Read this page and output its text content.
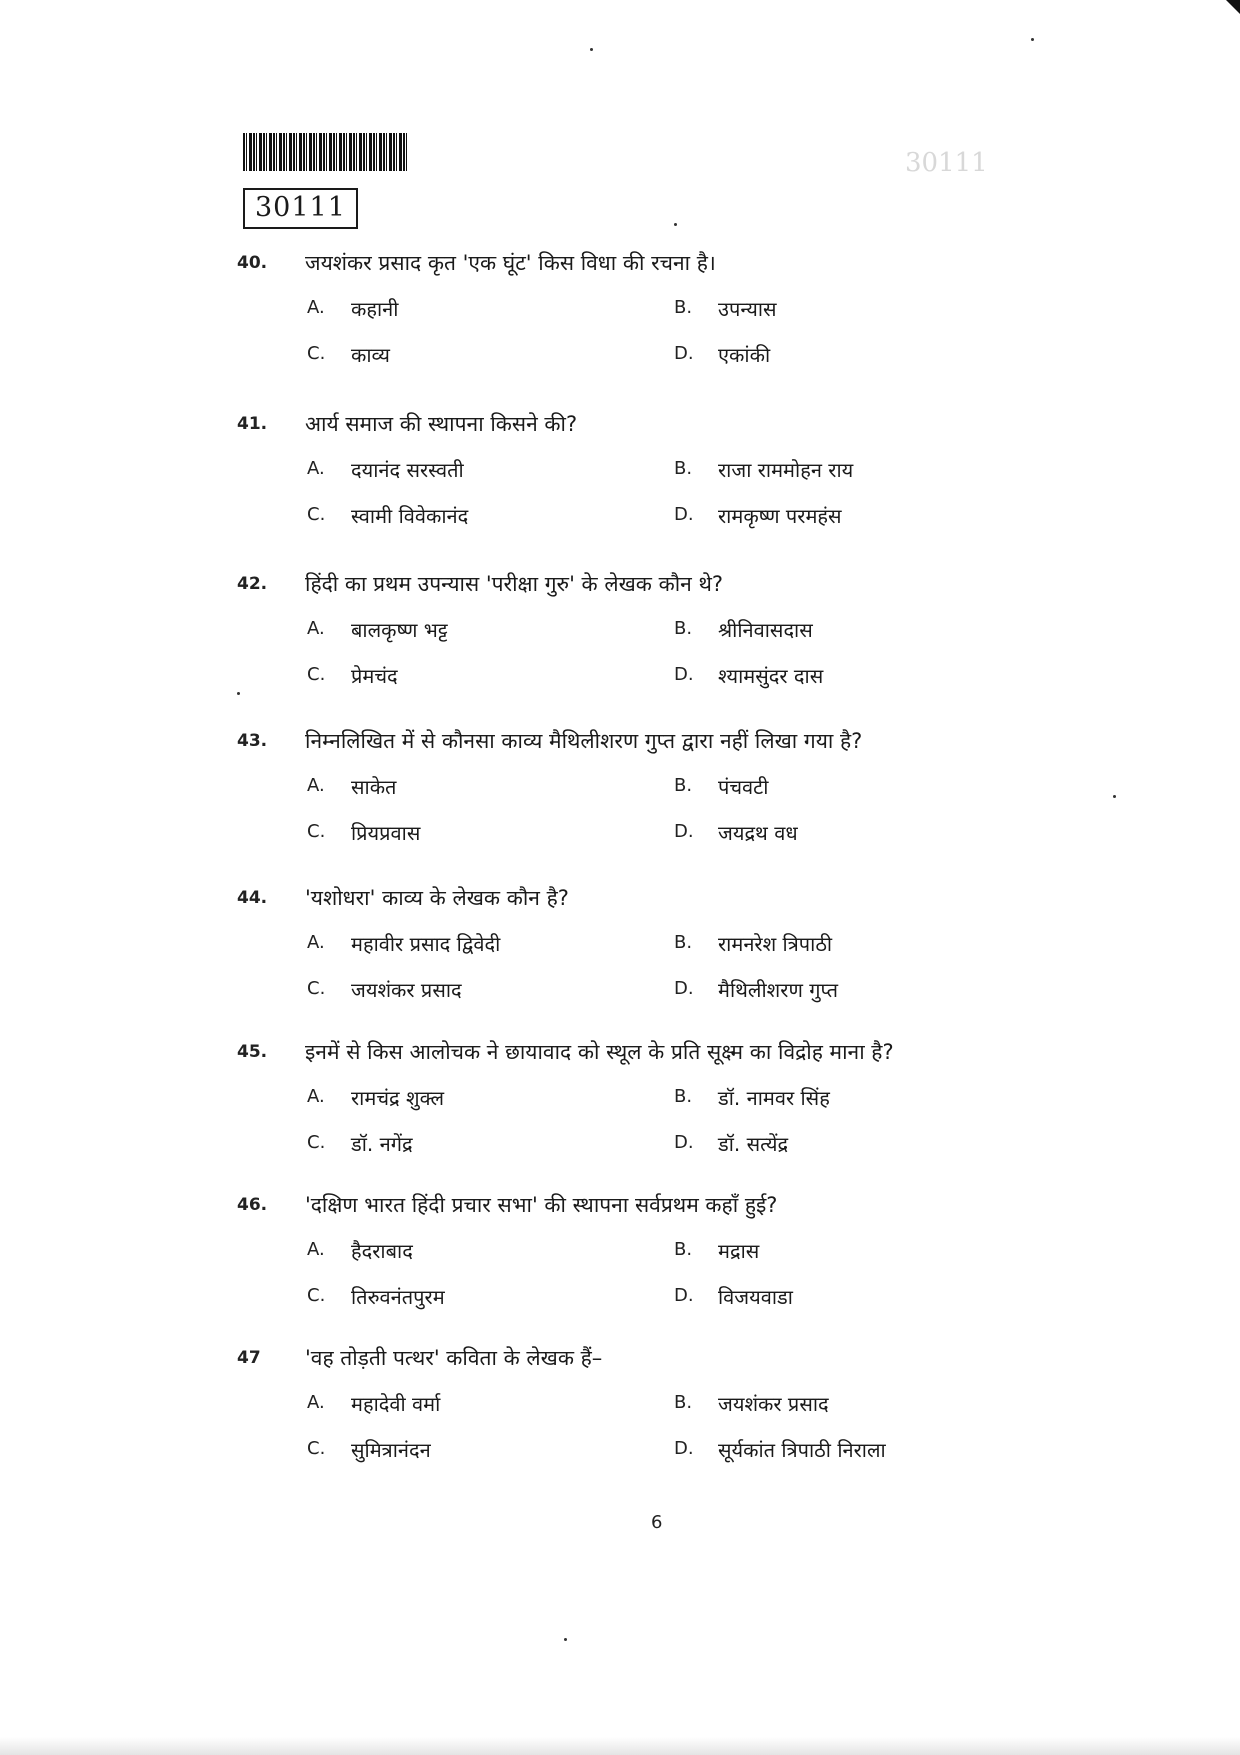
30111
30111
40. जयशंकर प्रसाद कृत 'एक घूंट' किस विधा की रचना है।
A. कहानी	B. उपन्यास
C. काव्य	D. एकांकी
41. आर्य समाज की स्थापना किसने की?
A. दयानंद सरस्वती	B. राजा राममोहन राय
C. स्वामी विवेकानंद	D. रामकृष्ण परमहंस
42. हिंदी का प्रथम उपन्यास 'परीक्षा गुरु' के लेखक कौन थे?
A. बालकृष्ण भट्ट	B. श्रीनिवासदास
C. प्रेमचंद	D. श्यामसुंदर दास
43. निम्नलिखित में से कौनसा काव्य मैथिलीशरण गुप्त द्वारा नहीं लिखा गया है?
A. साकेत	B. पंचवटी
C. प्रियप्रवास	D. जयद्रथ वध
44. 'यशोधरा' काव्य के लेखक कौन है?
A. महावीर प्रसाद द्विवेदी	B. रामनरेश त्रिपाठी
C. जयशंकर प्रसाद	D. मैथिलीशरण गुप्त
45. इनमें से किस आलोचक ने छायावाद को स्थूल के प्रति सूक्ष्म का विद्रोह माना है?
A. रामचंद्र शुक्ल	B. डॉ. नामवर सिंह
C. डॉ. नगेंद्र	D. डॉ. सत्येंद्र
46. 'दक्षिण भारत हिंदी प्रचार सभा' की स्थापना सर्वप्रथम कहाँ हुई?
A. हैदराबाद	B. मद्रास
C. तिरुवनंतपुरम	D. विजयवाडा
47 'वह तोड़ती पत्थर' कविता के लेखक हैं–
A. महादेवी वर्मा	B. जयशंकर प्रसाद
C. सुमित्रानंदन	D. सूर्यकांत त्रिपाठी निराला
6
